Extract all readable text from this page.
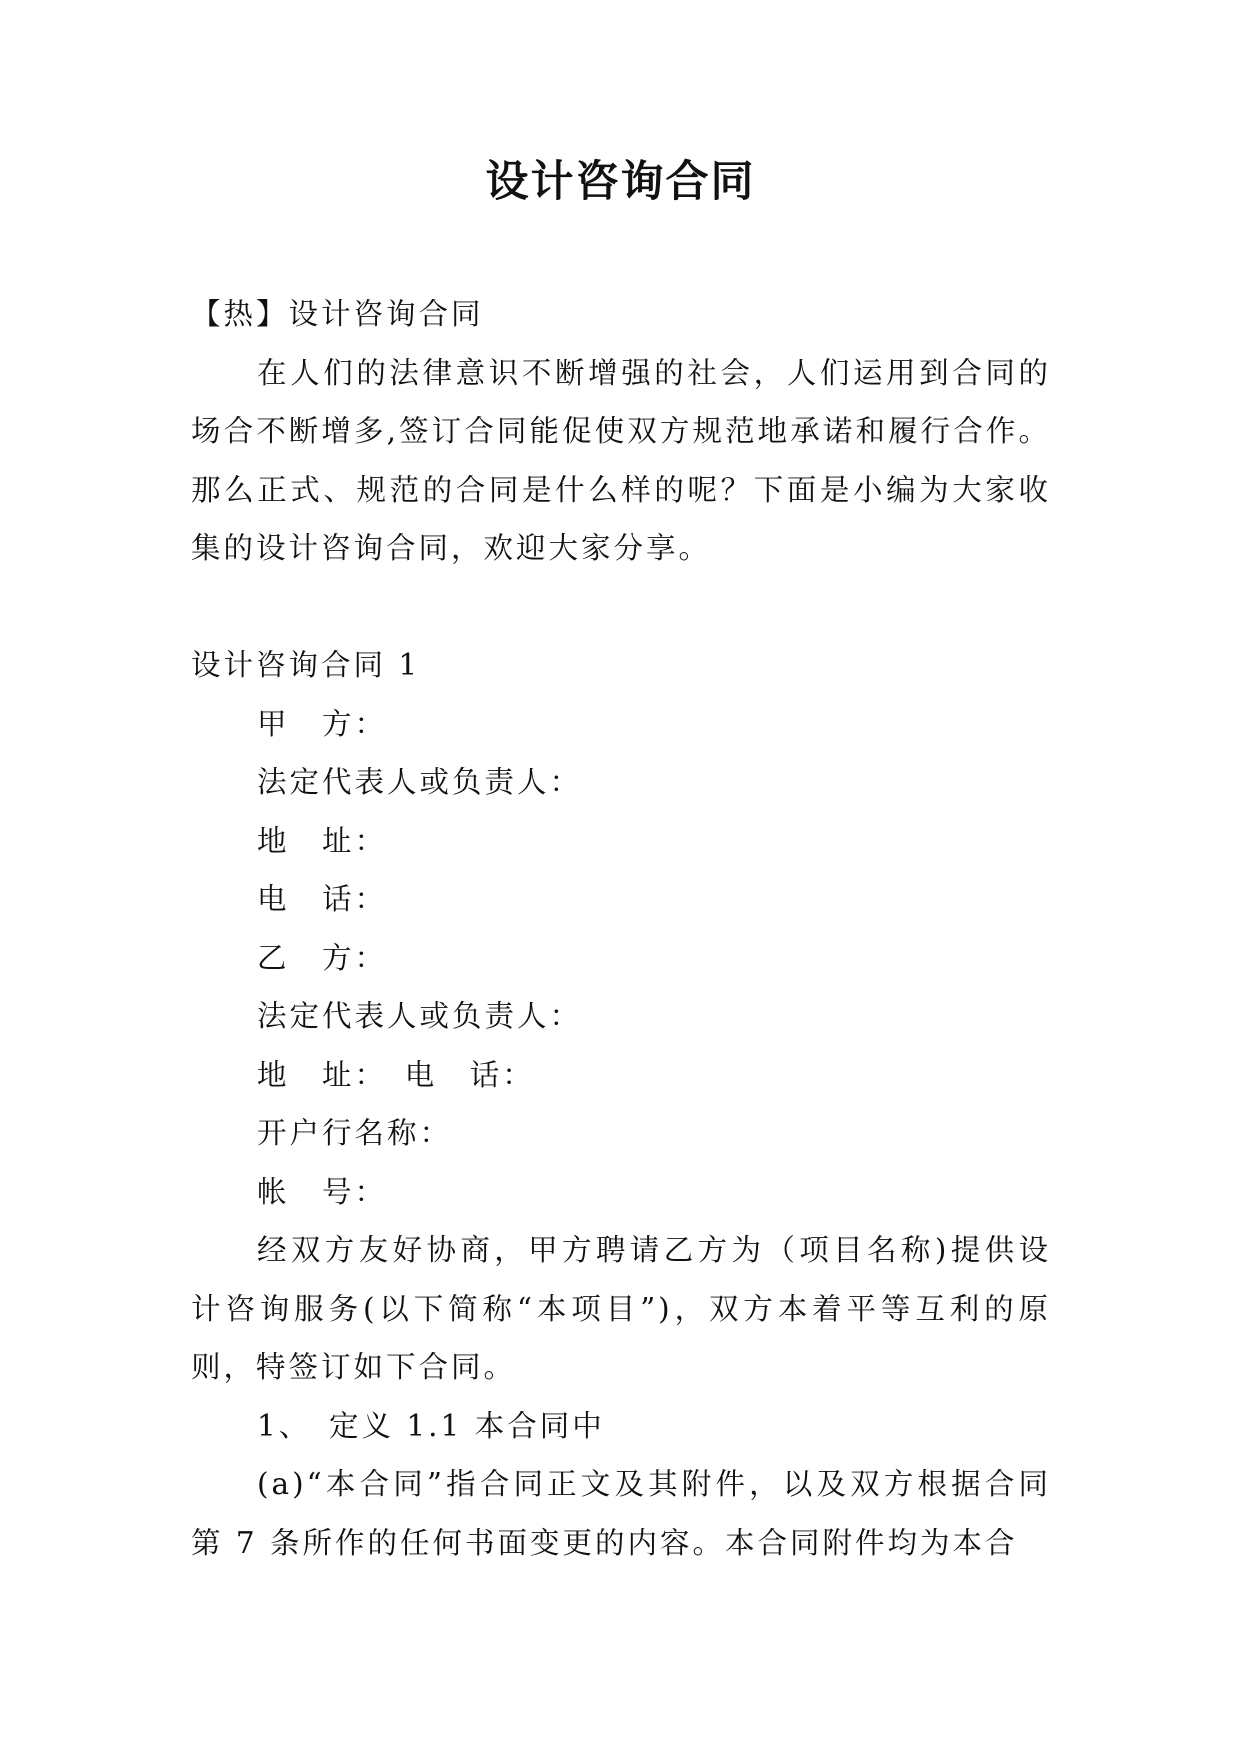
设计咨询合同

【热】设计咨询合同

在人们的法律意识不断增强的社会，人们运用到合同的场合不断增多,签订合同能促使双方规范地承诺和履行合作。那么正式、规范的合同是什么样的呢？下面是小编为大家收集的设计咨询合同，欢迎大家分享。

设计咨询合同 1

甲　方：

法定代表人或负责人：

地　址：

电　话：

乙　方：

法定代表人或负责人：

地　址：　电　话：

开户行名称：

帐　号：

经双方友好协商，甲方聘请乙方为（项目名称)提供设计咨询服务(以下简称“本项目”)，双方本着平等互利的原则，特签订如下合同。

1、　定义 1.1 本合同中

(a)“本合同”指合同正文及其附件，以及双方根据合同第 7 条所作的任何书面变更的内容。本合同附件均为本合
